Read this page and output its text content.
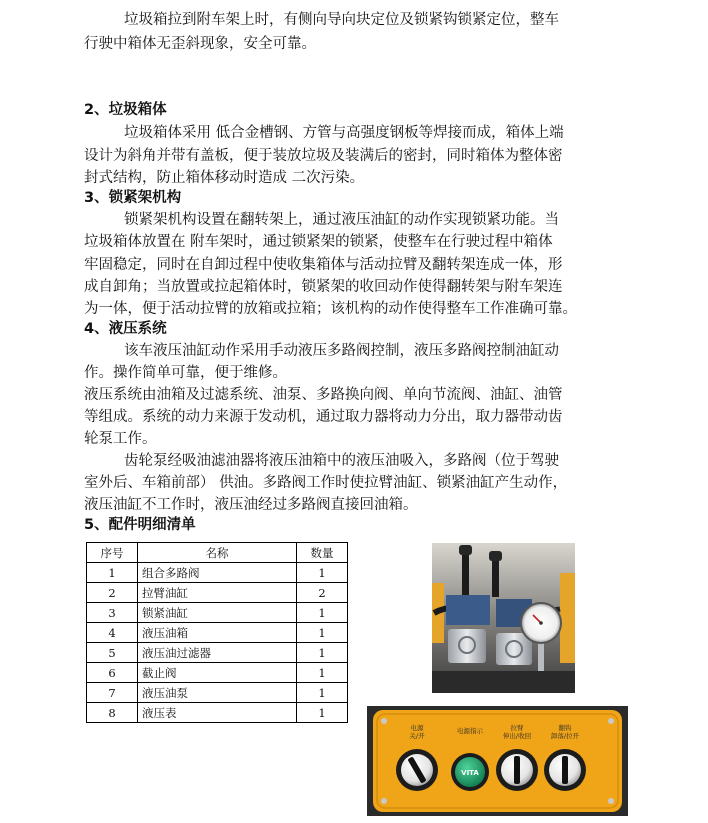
垃圾箱拉到附车架上时，有侧向导向块定位及锁紧钩锁紧定位，整车
行驶中箱体无歪斜现象，安全可靠。
2、垃圾箱体
垃圾箱体采用 低合金槽钢、方管与高强度钢板等焊接而成，箱体上端
设计为斜角并带有盖板，便于装放垃圾及装满后的密封，同时箱体为整体密
封式结构，防止箱体移动时造成 二次污染。
3、锁紧架机构
锁紧架机构设置在翻转架上，通过液压油缸的动作实现锁紧功能。当
垃圾箱体放置在 附车架时，通过锁紧架的锁紧，使整车在行驶过程中箱体
牢固稳定，同时在自卸过程中使收集箱体与活动拉臂及翻转架连成一体，形
成自卸角；当放置或拉起箱体时，锁紧架的收回动作使得翻转架与附车架连
为一体，便于活动拉臂的放箱或拉箱；该机构的动作使得整车工作准确可靠。
4、液压系统
该车液压油缸动作采用手动液压多路阀控制，液压多路阀控制油缸动
作。操作简单可靠，便于维修。
液压系统由油箱及过滤系统、油泵、多路换向阀、单向节流阀、油缸、油管
等组成。系统的动力来源于发动机，通过取力器将动力分出，取力器带动齿
轮泵工作。
齿轮泵经吸油滤油器将液压油箱中的液压油吸入，多路阀（位于驾驶
室外后、车箱前部） 供油。多路阀工作时使拉臂油缸、锁紧油缸产生动作，
液压油缸不工作时，液压油经过多路阀直接回油箱。
5、配件明细清单
序号	名称	数量
1	组合多路阀	1
2	拉臂油缸	2
3	锁紧油缸	1
4	液压油箱	1
5	液压油过滤器	1
6	截止阀	1
7	液压油泵	1
8	液压表	1
电源关/开
电源指示	拉臂伸出/收回
翻钩卸落/拉开
VITA
